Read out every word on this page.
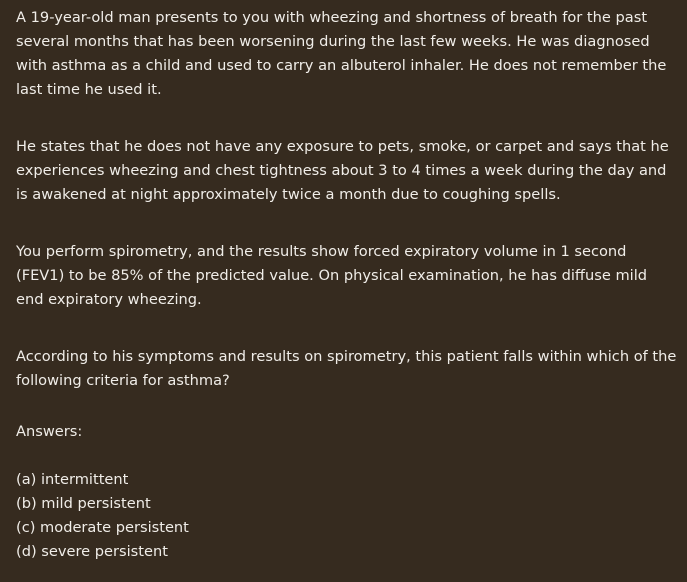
A 19-year-old man presents to you with wheezing and shortness of breath for the past several months that has been worsening during the last few weeks. He was diagnosed with asthma as a child and used to carry an albuterol inhaler. He does not remember the last time he used it.

He states that he does not have any exposure to pets, smoke, or carpet and says that he experiences wheezing and chest tightness about 3 to 4 times a week during the day and is awakened at night approximately twice a month due to coughing spells.

You perform spirometry, and the results show forced expiratory volume in 1 second (FEV1) to be 85% of the predicted value. On physical examination, he has diffuse mild end expiratory wheezing.

According to his symptoms and results on spirometry, this patient falls within which of the following criteria for asthma?

Answers:

(a) intermittent
(b) mild persistent
(c) moderate persistent
(d) severe persistent
